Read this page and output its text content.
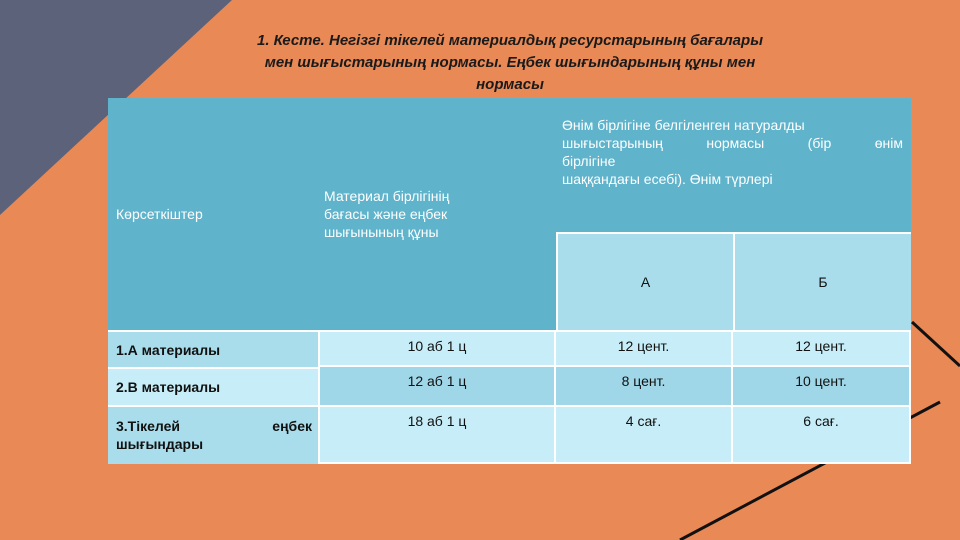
1. Кесте. Негізгі тікелей материалдық ресурстарының бағалары мен шығыстарының нормасы. Еңбек шығындарының құны мен нормасы
Көрсеткіштер
Материал бірлігінің бағасы және еңбек шығынының құны
Өнім бірлігіне белгіленген натуралды
шығыстарының нормасы (бір өнім
бірлігіне
шаққандағы есебі). Өнім түрлері
А	Б
1.А материалы	10 аб 1 ц	12 цент.	12 цент.
2.В материалы	12 аб 1 ц	8 цент.	10 цент.
3.Тікелей еңбек
шығындары
18 аб 1 ц	4 сағ.	6 сағ.
